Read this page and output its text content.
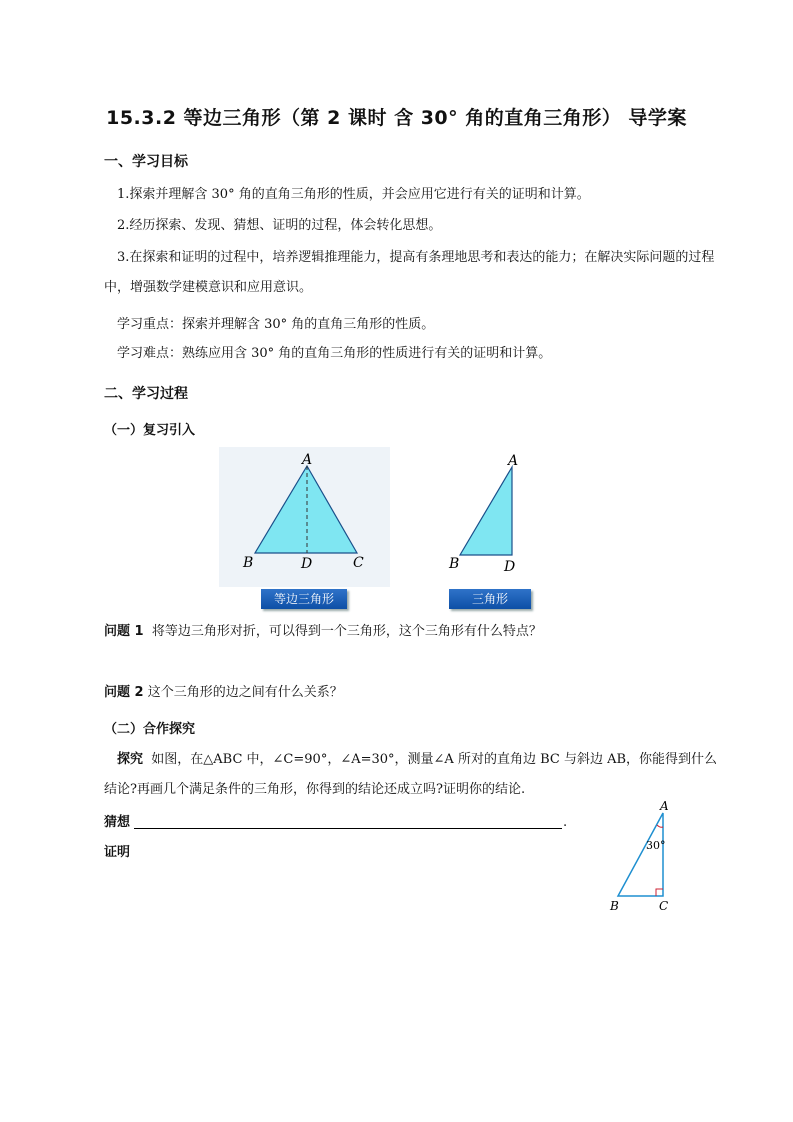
15.3.2 等边三角形（第 2 课时 含 30° 角的直角三角形） 导学案
一、学习目标
1.探索并理解含 30° 角的直角三角形的性质，并会应用它进行有关的证明和计算。
2.经历探索、发现、猜想、证明的过程，体会转化思想。
3.在探索和证明的过程中，培养逻辑推理能力，提高有条理地思考和表达的能力；在解决实际问题的过程中，增强数学建模意识和应用意识。
学习重点：探索并理解含 30° 角的直角三角形的性质。
学习难点：熟练应用含 30° 角的直角三角形的性质进行有关的证明和计算。
二、学习过程
（一）复习引入
A
B	D	C
等边三角形
A
B	D
三角形
问题 1 将等边三角形对折，可以得到一个三角形，这个三角形有什么特点？
问题 2 这个三角形的边之间有什么关系？
（二）合作探究
探究 如图，在△ABC 中，∠C=90°，∠A=30°，测量∠A 所对的直角边 BC 与斜边 AB，你能得到什么结论?再画几个满足条件的三角形，你得到的结论还成立吗?证明你的结论.
猜想	.
证明
A
B	C
30°
